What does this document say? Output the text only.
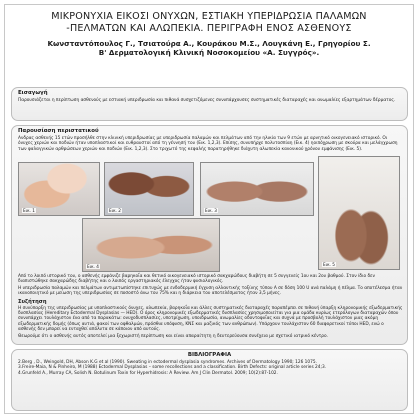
ΜΙΚΡΟΝΥΧΙΑ ΕΙΚΟΣΙ ΟΝΥΧΩΝ, ΕΣΤΙΑΚΗ ΥΠΕΡΙΔΡΩΣΙΑ ΠΑΛΑΜΩΝ
-ΠΕΛΜΑΤΩΝ ΚΑΙ ΑΛΩΠΕΚΙΑ. ΠΕΡΙΓΡΑΦΗ ΕΝΟΣ ΑΣΘΕΝΟΥΣ
Κωνσταντόπουλος Γ., Τσιατούρα Α., Κουράκου Μ.Σ., Λουγκάνη Ε., Γρηγορίου Σ.
Β' Δερματολογική Κλινική Νοσοκομείου «Α. Συγγρός».
Εισαγωγή

Παρουσιάζεται η περίπτωση ασθενούς με εστιακή υπεριδρωσία και πιθανά συσχετιζόμενες συνυπάρχουσες συστηματικές διαταραχές και ανωμαλίες εξαρτημάτων δέρματος.

Παρουσίαση περιστατικού

Ανδρας ασθενής 15 ετών προσήλθε στην κλινική υπεριδρωσίας με υπεριδρωσία παλαμών και πελμάτων από την ηλικία των 9 ετών με αρνητικό οικογενειακό ιστορικό. Οι όνυχες χεριών και ποδιών ήταν υποπλαστικοί και ευθραυστοί από τη γέννησή του (Εικ. 1,2,3). Επίσης, συνυπήρχε πολυτοσπίαη (Εικ. 4) ηοιπόχρωση με σκούρα και μελάγχρωση των φαλαγγικών αρθρώσεων χεριών και ποδιών (Εικ. 1,2,3). Στο τριχωτό της κεφαλής παρατηρήθηκε διάχυτη αλωπεκία κανονικού χρόνου εμφάνισης (Εικ. 5).

Εικ. 1	Εικ. 2	Εικ. 3
Εικ. 5
Εικ. 4

Από το λοιπό ιστορικό του, ο ασθενής εμφάνιζε βαρηκοΐα και θετικό οικογενειακό ιστορικό σακχαρώδους διαβήτη σε 5 συγγενείς 1ου και 2ου βαθμού. Στον ίδιο δεν διαπιστώθηκε σακχαρώδης διαβήτης και ο λοιπός εργαστηριακός έλεγχος ήταν φυσιολογικός.

Η υπεριδρωσία παλαμών και πελμάτων αντιμετωπίστηκε επιτυχώς με ενδοδερμική έγχυση αλλαντικής τοξίνης τύπου Α σε δόση 100 U ανά παλάμη ή πέλμα. Το αποτέλεσμα ήταν ικανοποιητικό με μείωση της υπεριδρωσίας σε ποσοστό άνω του 75% και η διάρκεια του αποτελέσματος ήταν 3,5 μήνες.

Συζήτηση

Η συνύπαρξη της υπεριδρωσίας με υποπλαστικούς όνυχες, αλωπεκία, βαρηκοΐα και άλλες συστηματικές διαταραχές παραπέμπει σε πιθανή ύπαρξη κληρονομικής εξωδερματικής δυσπλασίας (Hereditary Ectodermal Dysplasias — HED). Ο όρος κληρονομικές εξωδερματικές δυσπλασίες χρησιμοποιείται για μια ομάδα κυρίως ετερόλογων διαταραχών όπου συνυπάρχει τουλάχιστον ένα από τα παρακάτω: ονυχοδυσπλασίες, υποτρίχωση, υποιδρωσία, ανωμαλίες οδοντοφυΐας και συχνά με προσβολή τουλάχιστον μιας ακόμη εξωδερματικής δομής (όπως αυτιά, φακοί των οφθαλμών, πρόσθια υπόφυση, ΚΝΣ και μαζικός των ανθρώπων). Υπάρχουν τουλάχιστον 60 διαφορετικοί τύποι HED, ενώ ο ασθενής δεν μπορεί να ενταχθεί απόλυτα σε κάποιον από αυτούς.

Θεωρούμε ότι ο ασθενής αυτός αποτελεί μια ξεχωριστή περίπτωση και είναι απαραίτητη η δευτερεύουσα συνέχεια με σχετικό ιατρικό κέντρο.

ΒΙΒΛΙΟΓΡΑΦΙΑ
2.Berg , D., Weingold, DH, Abson K.G et al (1990). Sweating in ectodermal dysplasia syndromes. Archives of Dermatology 1990; 126 1075.
3.Freire-Maia, N & Pinheiro, M (1988) Ectodermal Dysplasias – some recollections and a classification. Birth Defects: original article series 24;3.
4.Grunfeld A., Murray CA, Solish N. Botulinum Toxin for Hyperhidrosis: A Review. Am J Clin Dermatol. 2009; 10(2):87-102.
